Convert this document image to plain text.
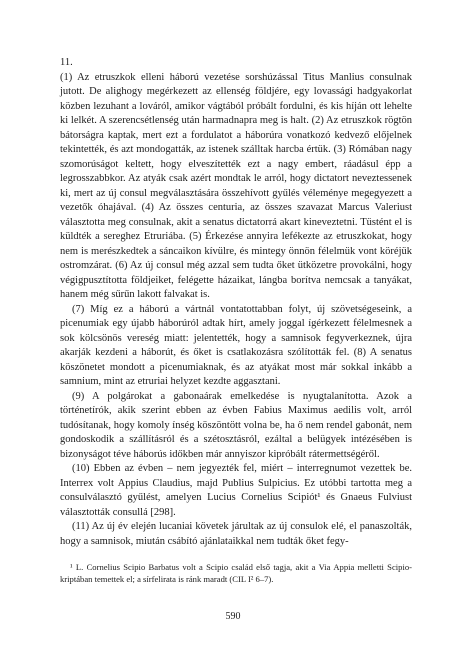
11.

(1) Az etruszkok elleni háború vezetése sorshúzással Titus Manlius consulnak jutott. De alighogy megérkezett az ellenség földjére, egy lovassági hadgyakorlat közben lezuhant a lováról, amikor vágtából próbált fordulni, és kis híján ott lehelte ki lelkét. A szerencsétlenség után harmadnapra meg is halt. (2) Az etruszkok rögtön bátorságra kaptak, mert ezt a fordulatot a háborúra vonatkozó kedvező előjelnek tekintették, és azt mondogatták, az istenek szálltak harcba értük. (3) Rómában nagy szomorúságot keltett, hogy elveszítették ezt a nagy embert, ráadásul épp a legrosszabbkor. Az atyák csak azért mondtak le arról, hogy dictatort neveztessenek ki, mert az új consul megválasztására összehívott gyűlés véleménye megegyezett a vezetők óhajával. (4) Az összes centuria, az összes szavazat Marcus Valeriust választotta meg consulnak, akit a senatus dictatorrá akart kineveztetni. Tüstént el is küldték a sereghez Etruriába. (5) Érkezése annyira lefékezte az etruszkokat, hogy nem is merészkedtek a sáncaikon kívülre, és mintegy önnön félelmük vont köréjük ostromzárat. (6) Az új consul még azzal sem tudta őket ütközetre provokálni, hogy végigpusztította földjeiket, felégette házaikat, lángba borítva nemcsak a tanyákat, hanem még sűrűn lakott falvakat is.

(7) Míg ez a háború a vártnál vontatottabban folyt, új szövetségeseink, a picenumiak egy újabb háborúról adtak hírt, amely joggal ígérkezett félelmesnek a sok kölcsönös vereség miatt: jelentették, hogy a samnisok fegyverkeznek, újra akarják kezdeni a háborút, és őket is csatlakozásra szólították fel. (8) A senatus köszönetet mondott a picenumiaknak, és az atyákat most már sokkal inkább a samnium, mint az etruriai helyzet kezdte aggasztani.

(9) A polgárokat a gabonaárak emelkedése is nyugtalanította. Azok a történetírók, akik szerint ebben az évben Fabius Maximus aedilis volt, arról tudósítanak, hogy komoly ínség köszöntött volna be, ha ő nem rendel gabonát, nem gondoskodik a szállításról és a szétosztásról, ezáltal a belügyek intézésében is bizonyságot téve háborús időkben már annyiszor kipróbált rátermettségéről.

(10) Ebben az évben – nem jegyezték fel, miért – interregnumot vezettek be. Interrex volt Appius Claudius, majd Publius Sulpicius. Ez utóbbi tartotta meg a consulválasztó gyűlést, amelyen Lucius Cornelius Scipiót¹ és Gnaeus Fulviust választották consullá [298].

(11) Az új év elején lucaniai követek járultak az új consulok elé, el panaszolták, hogy a samnisok, miután csábító ajánlataikkal nem tudták őket fegy-

¹ L. Cornelius Scipio Barbatus volt a Scipio család első tagja, akit a Via Appia melletti Scipio-kriptában temettek el; a sírfelirata is ránk maradt (CIL I² 6–7).

590
